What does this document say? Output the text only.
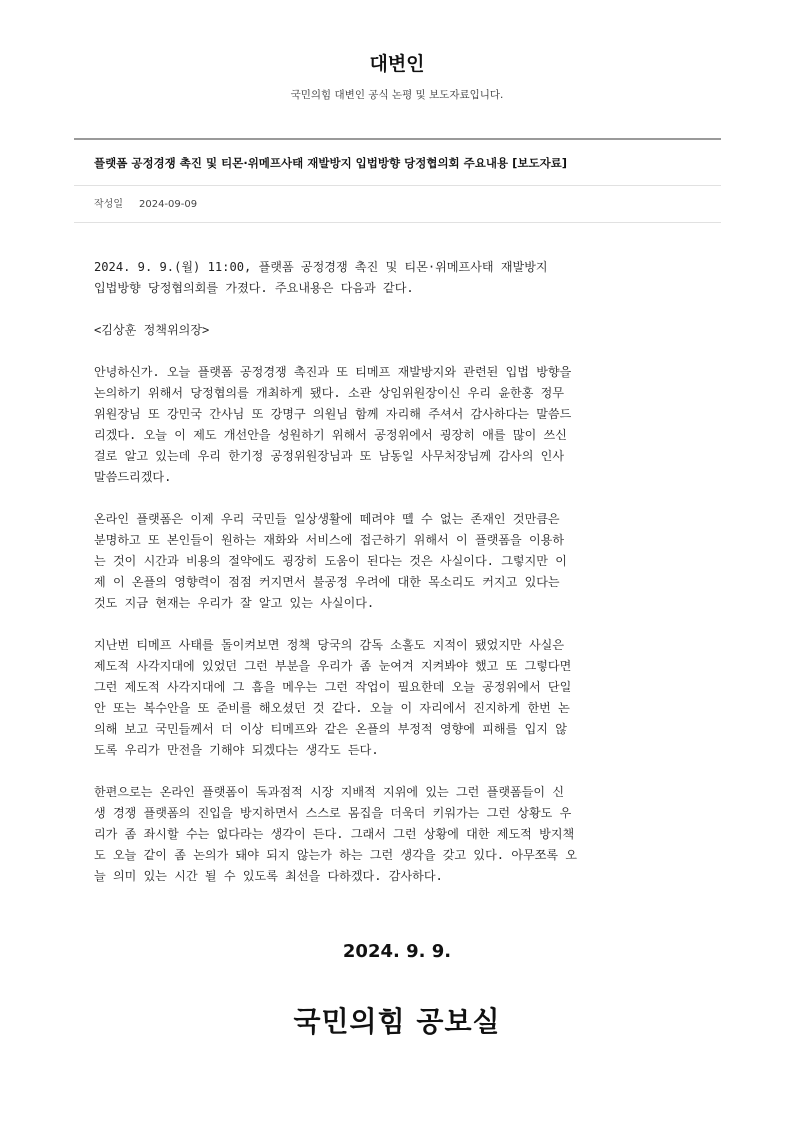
대변인
국민의힘 대변인 공식 논평 및 보도자료입니다.
플랫폼 공정경쟁 촉진 및 티몬·위메프사태 재발방지 입법방향 당정협의회 주요내용 [보도자료]
작성일 2024-09-09
2024. 9. 9.(월) 11:00, 플랫폼 공정경쟁 촉진 및 티몬·위메프사태 재발방지
입법방향 당정협의회를 가졌다. 주요내용은 다음과 같다.
<김상훈 정책위의장>
안녕하신가. 오늘 플랫폼 공정경쟁 촉진과 또 티메프 재발방지와 관련된 입법 방향을
논의하기 위해서 당정협의를 개최하게 됐다. 소관 상임위원장이신 우리 윤한홍 정무
위원장님 또 강민국 간사님 또 강명구 의원님 함께 자리해 주셔서 감사하다는 말씀드
리겠다. 오늘 이 제도 개선안을 성원하기 위해서 공정위에서 굉장히 애를 많이 쓰신
걸로 알고 있는데 우리 한기정 공정위원장님과 또 남동일 사무처장님께 감사의 인사
말씀드리겠다.
온라인 플랫폼은 이제 우리 국민들 일상생활에 떼려야 뗄 수 없는 존재인 것만큼은
분명하고 또 본인들이 원하는 재화와 서비스에 접근하기 위해서 이 플랫폼을 이용하
는 것이 시간과 비용의 절약에도 굉장히 도움이 된다는 것은 사실이다. 그렇지만 이
제 이 온플의 영향력이 점점 커지면서 불공정 우려에 대한 목소리도 커지고 있다는
것도 지금 현재는 우리가 잘 알고 있는 사실이다.
지난번 티메프 사태를 돌이켜보면 정책 당국의 감독 소홀도 지적이 됐었지만 사실은
제도적 사각지대에 있었던 그런 부분을 우리가 좀 눈여겨 지켜봐야 했고 또 그렇다면
그런 제도적 사각지대에 그 흠을 메우는 그런 작업이 필요한데 오늘 공정위에서 단일
안 또는 복수안을 또 준비를 해오셨던 것 같다. 오늘 이 자리에서 진지하게 한번 논
의해 보고 국민들께서 더 이상 티메프와 같은 온플의 부정적 영향에 피해를 입지 않
도록 우리가 만전을 기해야 되겠다는 생각도 든다.
한편으로는 온라인 플랫폼이 독과점적 시장 지배적 지위에 있는 그런 플랫폼들이 신
생 경쟁 플랫폼의 진입을 방지하면서 스스로 몸집을 더욱더 키워가는 그런 상황도 우
리가 좀 좌시할 수는 없다라는 생각이 든다. 그래서 그런 상황에 대한 제도적 방지책
도 오늘 같이 좀 논의가 돼야 되지 않는가 하는 그런 생각을 갖고 있다. 아무쪼록 오
늘 의미 있는 시간 될 수 있도록 최선을 다하겠다. 감사하다.
2024. 9. 9.
국민의힘 공보실
